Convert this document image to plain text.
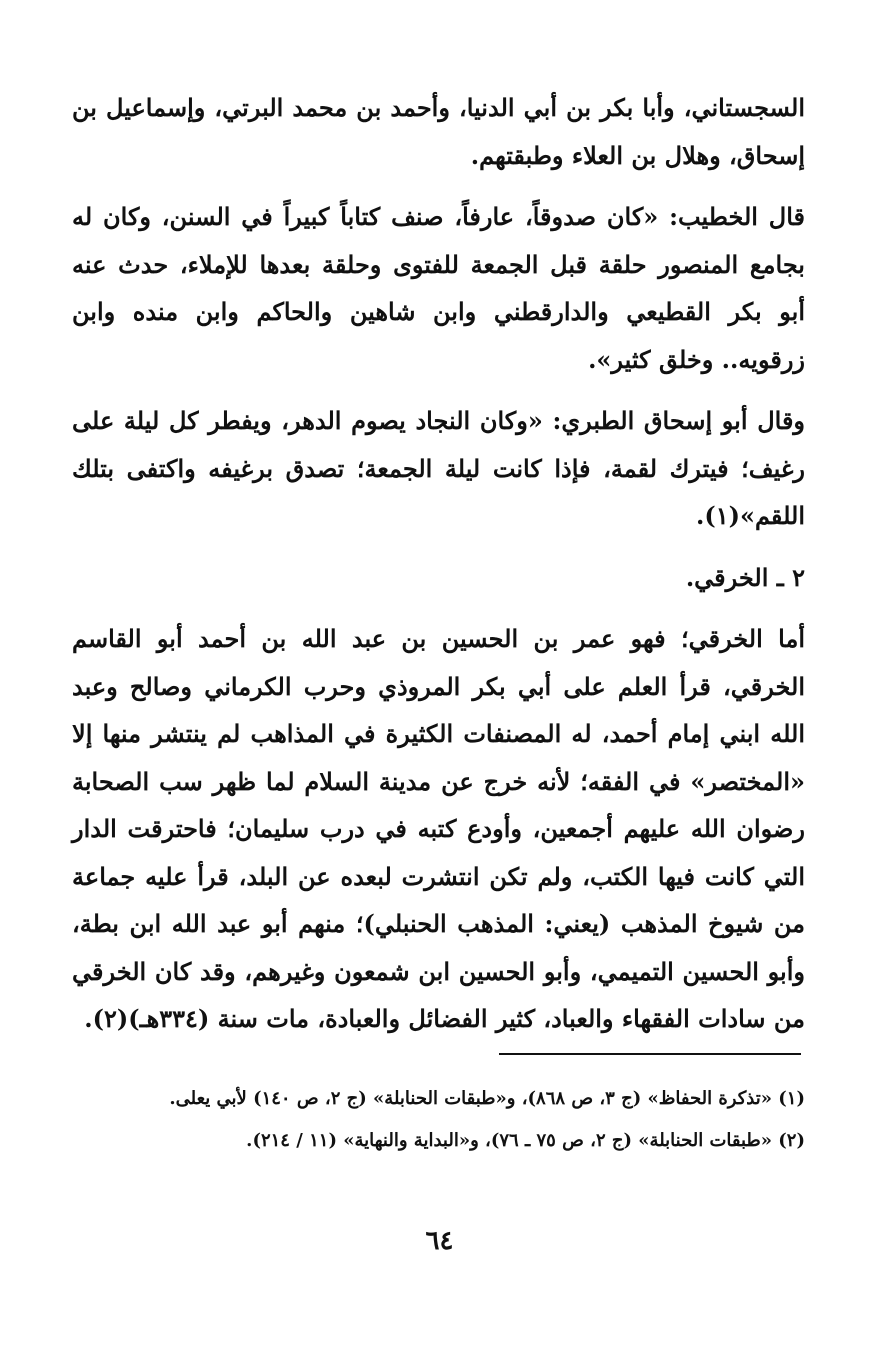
السجستاني، وأبا بكر بن أبي الدنيا، وأحمد بن محمد البرتي، وإسماعيل بن إسحاق، وهلال بن العلاء وطبقتهم.

قال الخطيب: «كان صدوقاً، عارفاً، صنف كتاباً كبيراً في السنن، وكان له بجامع المنصور حلقة قبل الجمعة للفتوى وحلقة بعدها للإملاء، حدث عنه أبو بكر القطيعي والدارقطني وابن شاهين والحاكم وابن منده وابن زرقويه.. وخلق كثير».

وقال أبو إسحاق الطبري: «وكان النجاد يصوم الدهر، ويفطر كل ليلة على رغيف؛ فيترك لقمة، فإذا كانت ليلة الجمعة؛ تصدق برغيفه واكتفى بتلك اللقم»(١).

٢ ـ الخرقي.

أما الخرقي؛ فهو عمر بن الحسين بن عبد الله بن أحمد أبو القاسم الخرقي، قرأ العلم على أبي بكر المروذي وحرب الكرماني وصالح وعبد الله ابني إمام أحمد، له المصنفات الكثيرة في المذاهب لم ينتشر منها إلا «المختصر» في الفقه؛ لأنه خرج عن مدينة السلام لما ظهر سب الصحابة رضوان الله عليهم أجمعين، وأودع كتبه في درب سليمان؛ فاحترقت الدار التي كانت فيها الكتب، ولم تكن انتشرت لبعده عن البلد، قرأ عليه جماعة من شيوخ المذهب (يعني: المذهب الحنبلي)؛ منهم أبو عبد الله ابن بطة، وأبو الحسين التميمي، وأبو الحسين ابن شمعون وغيرهم، وقد كان الخرقي من سادات الفقهاء والعباد، كثير الفضائل والعبادة، مات سنة (٣٣٤هـ)(٢).

(١) «تذكرة الحفاظ» (ج ٣، ص ٨٦٨)، و«طبقات الحنابلة» (ج ٢، ص ١٤٠) لأبي يعلى.

(٢) «طبقات الحنابلة» (ج ٢، ص ٧٥ ـ ٧٦)، و«البداية والنهاية» (١١ / ٢١٤).

٦٤
